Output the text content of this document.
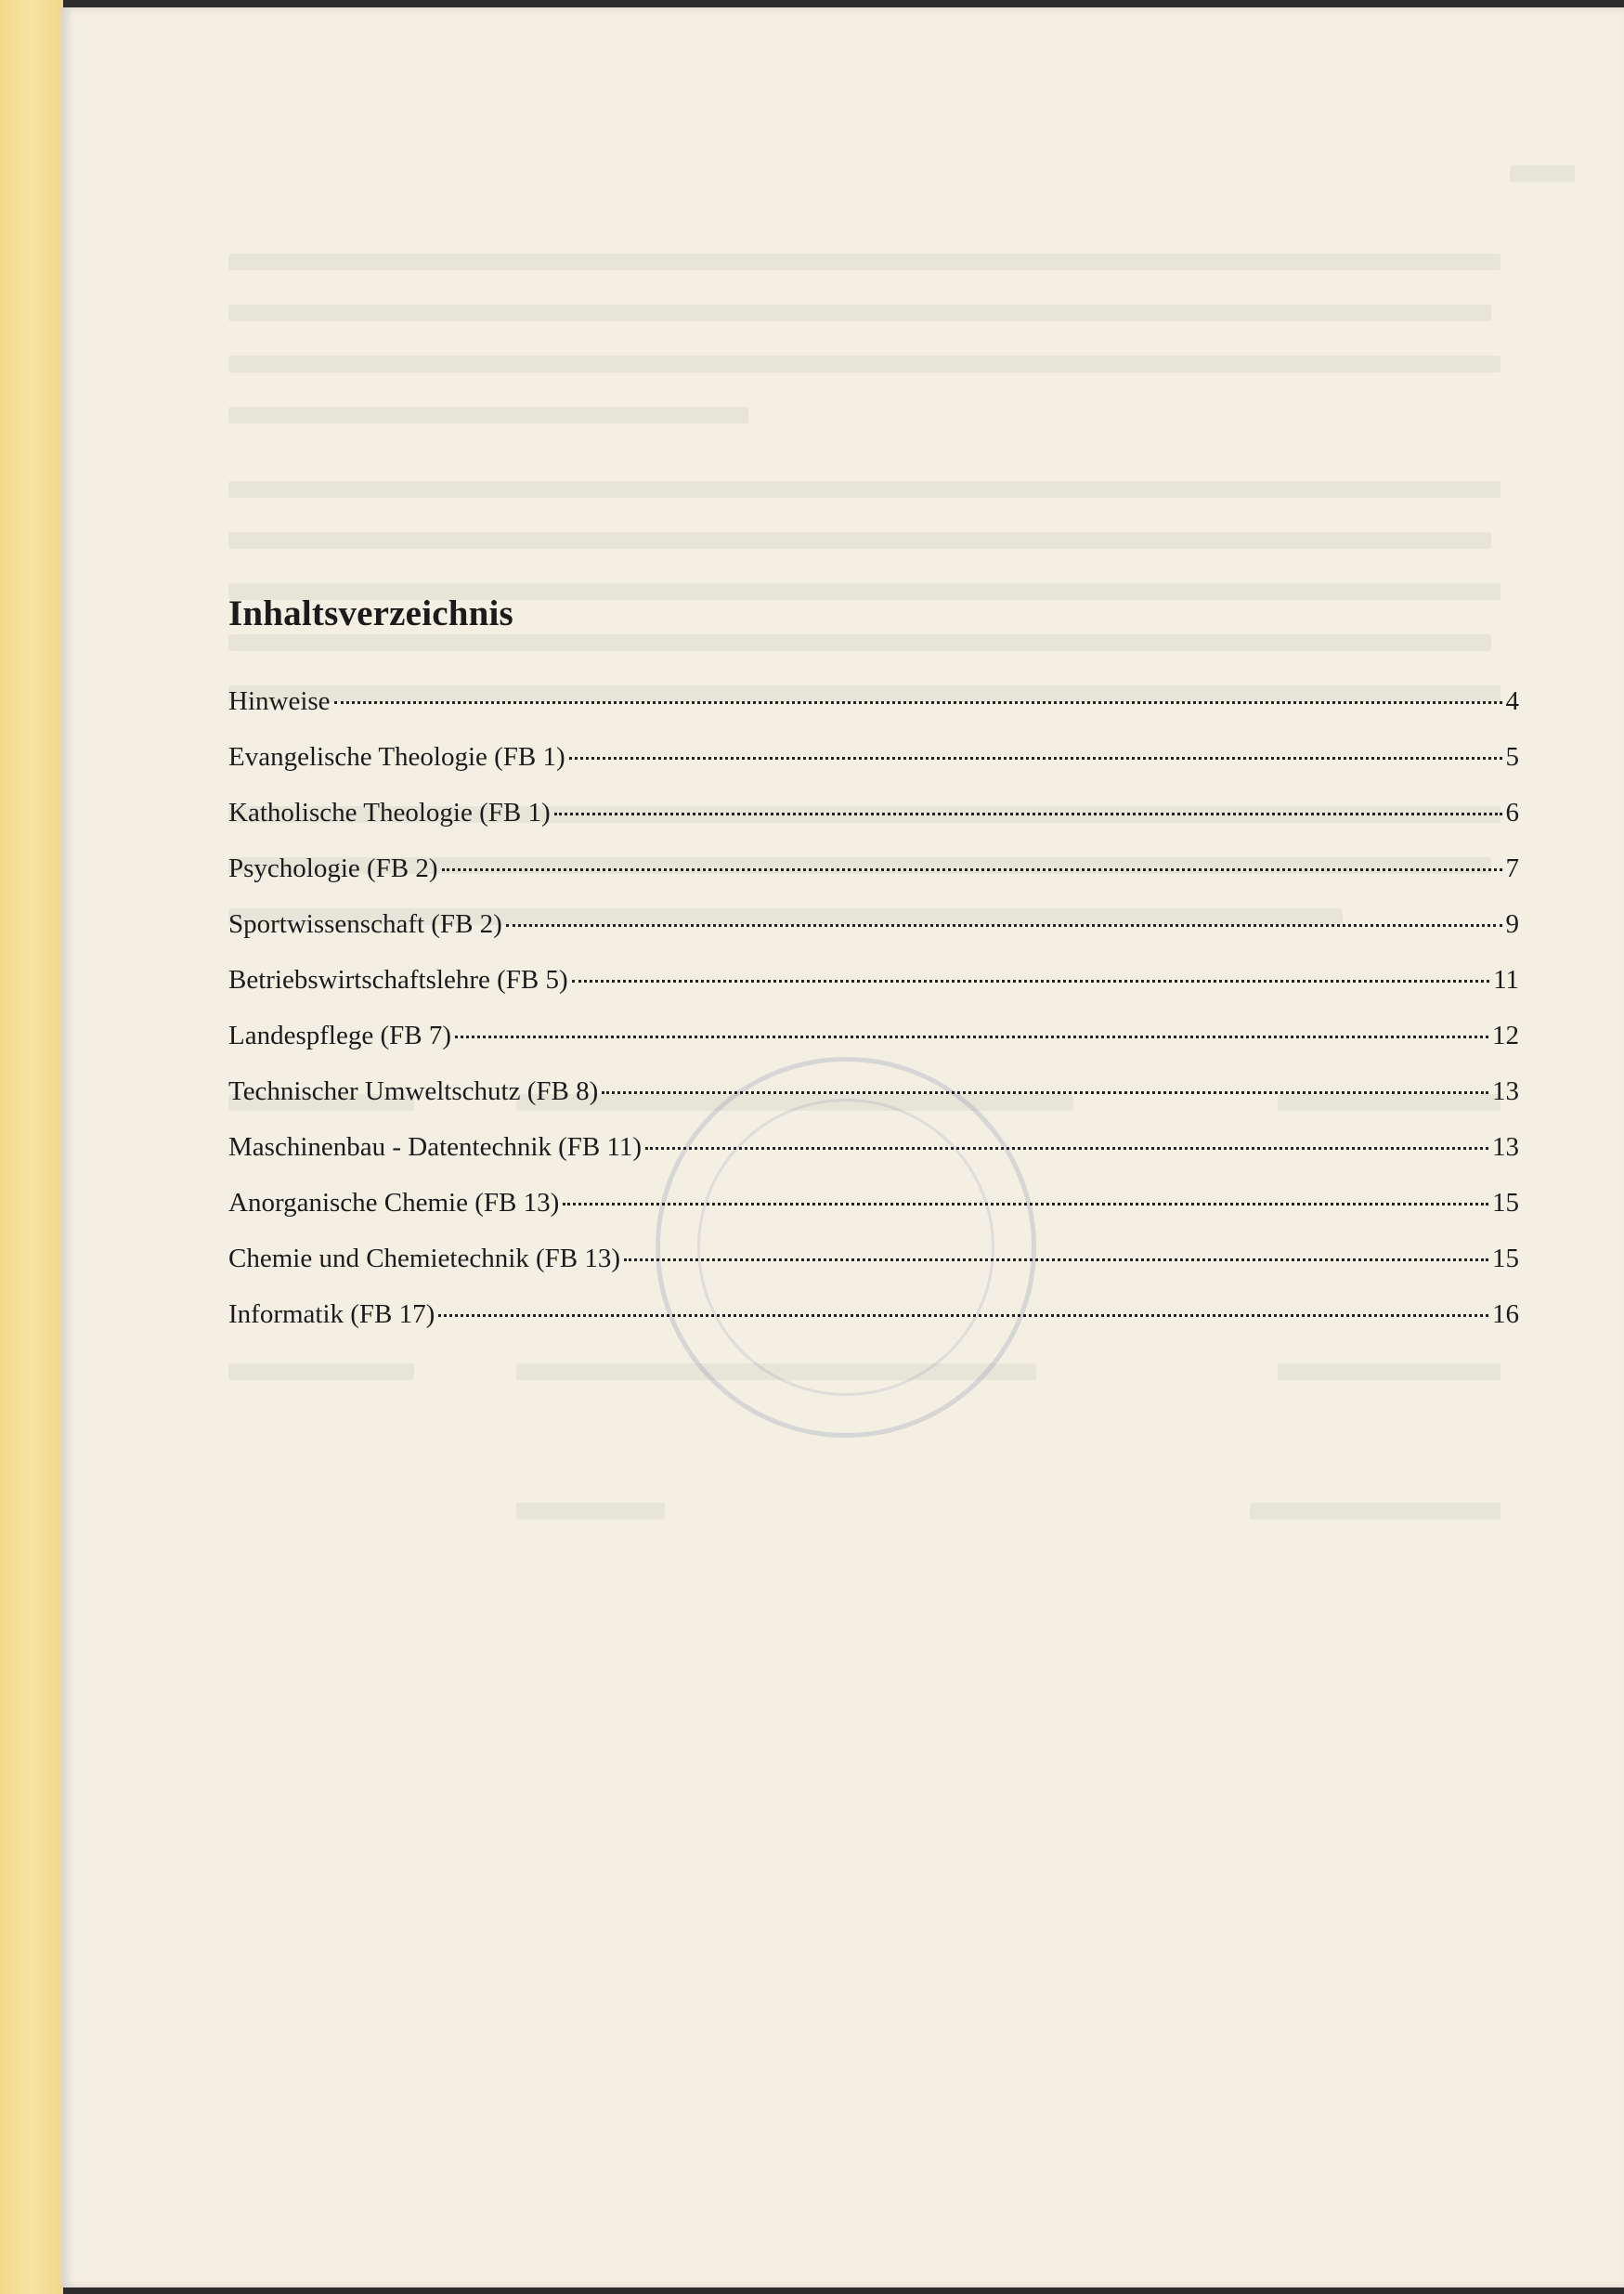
Inhaltsverzeichnis
Hinweise	4
Evangelische Theologie (FB 1)	5
Katholische Theologie (FB 1)	6
Psychologie (FB 2)	7
Sportwissenschaft (FB 2)	9
Betriebswirtschaftslehre (FB 5)	11
Landespflege (FB 7)	12
Technischer Umweltschutz (FB 8)	13
Maschinenbau - Datentechnik (FB 11)	13
Anorganische Chemie (FB 13)	15
Chemie und Chemietechnik (FB 13)	15
Informatik (FB 17)	16
